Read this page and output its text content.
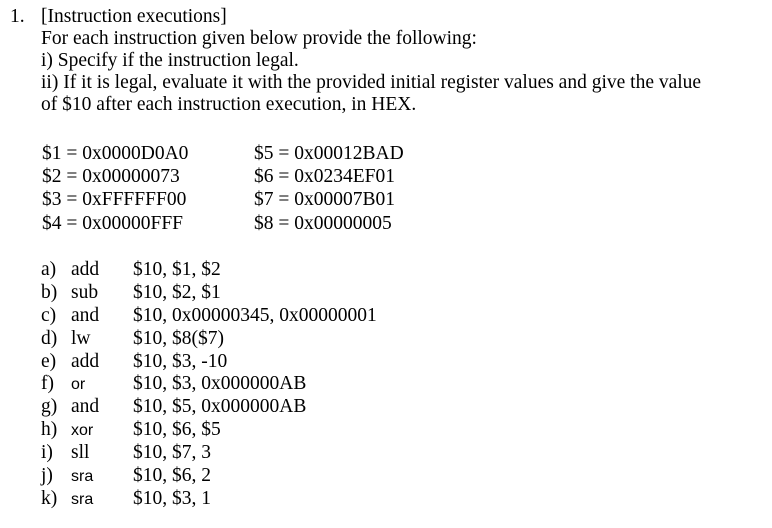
1. [Instruction executions]
For each instruction given below provide the following:
i) Specify if the instruction legal.
ii) If it is legal, evaluate it with the provided initial register values and give the value
of $10 after each instruction execution, in HEX.
$1 = 0x0000D0A0
$2 = 0x00000073
$3 = 0xFFFFFF00
$4 = 0x00000FFF
$5 = 0x00012BAD
$6 = 0x0234EF01
$7 = 0x00007B01
$8 = 0x00000005
a) add $10, $1, $2
b) sub $10, $2, $1
c) and $10, 0x00000345, 0x00000001
d) lw $10, $8($7)
e) add $10, $3, -10
f) or $10, $3, 0x000000AB
g) and $10, $5, 0x000000AB
h) xor $10, $6, $5
i) sll $10, $7, 3
j) sra $10, $6, 2
k) sra $10, $3, 1
